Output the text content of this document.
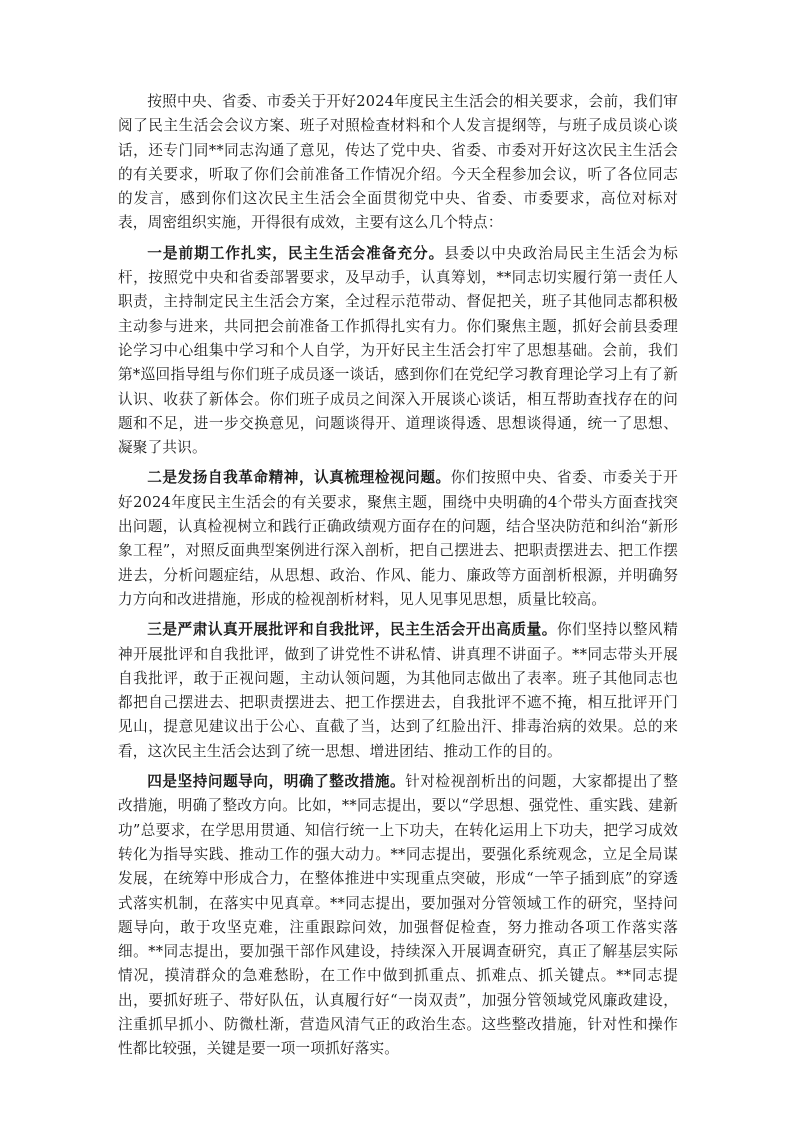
按照中央、省委、市委关于开好2024年度民主生活会的相关要求，会前，我们审阅了民主生活会会议方案、班子对照检查材料和个人发言提纲等，与班子成员谈心谈话，还专门同**同志沟通了意见，传达了党中央、省委、市委对开好这次民主生活会的有关要求，听取了你们会前准备工作情况介绍。今天全程参加会议，听了各位同志的发言，感到你们这次民主生活会全面贯彻党中央、省委、市委要求，高位对标对表，周密组织实施，开得很有成效，主要有这么几个特点：

一是前期工作扎实，民主生活会准备充分。县委以中央政治局民主生活会为标杆，按照党中央和省委部署要求，及早动手，认真筹划，**同志切实履行第一责任人职责，主持制定民主生活会方案，全过程示范带动、督促把关，班子其他同志都积极主动参与进来，共同把会前准备工作抓得扎实有力。你们聚焦主题，抓好会前县委理论学习中心组集中学习和个人自学，为开好民主生活会打牢了思想基础。会前，我们第*巡回指导组与你们班子成员逐一谈话，感到你们在党纪学习教育理论学习上有了新认识、收获了新体会。你们班子成员之间深入开展谈心谈话，相互帮助查找存在的问题和不足，进一步交换意见，问题谈得开、道理谈得透、思想谈得通，统一了思想、凝聚了共识。

二是发扬自我革命精神，认真梳理检视问题。你们按照中央、省委、市委关于开好2024年度民主生活会的有关要求，聚焦主题，围绕中央明确的4个带头方面查找突出问题，认真检视树立和践行正确政绩观方面存在的问题，结合坚决防范和纠治“新形象工程”，对照反面典型案例进行深入剖析，把自己摆进去、把职责摆进去、把工作摆进去，分析问题症结，从思想、政治、作风、能力、廉政等方面剖析根源，并明确努力方向和改进措施，形成的检视剖析材料，见人见事见思想，质量比较高。

三是严肃认真开展批评和自我批评，民主生活会开出高质量。你们坚持以整风精神开展批评和自我批评，做到了讲党性不讲私情、讲真理不讲面子。**同志带头开展自我批评，敢于正视问题，主动认领问题，为其他同志做出了表率。班子其他同志也都把自己摆进去、把职责摆进去、把工作摆进去，自我批评不遮不掩，相互批评开门见山，提意见建议出于公心、直截了当，达到了红脸出汗、排毒治病的效果。总的来看，这次民主生活会达到了统一思想、增进团结、推动工作的目的。

四是坚持问题导向，明确了整改措施。针对检视剖析出的问题，大家都提出了整改措施，明确了整改方向。比如，**同志提出，要以“学思想、强党性、重实践、建新功”总要求，在学思用贯通、知信行统一上下功夫，在转化运用上下功夫，把学习成效转化为指导实践、推动工作的强大动力。**同志提出，要强化系统观念，立足全局谋发展，在统筹中形成合力，在整体推进中实现重点突破，形成“一竿子插到底”的穿透式落实机制，在落实中见真章。**同志提出，要加强对分管领域工作的研究，坚持问题导向，敢于攻坚克难，注重跟踪问效，加强督促检查，努力推动各项工作落实落细。**同志提出，要加强干部作风建设，持续深入开展调查研究，真正了解基层实际情况，摸清群众的急难愁盼，在工作中做到抓重点、抓难点、抓关键点。**同志提出，要抓好班子、带好队伍，认真履行好“一岗双责”，加强分管领域党风廉政建设，注重抓早抓小、防微杜渐，营造风清气正的政治生态。这些整改措施，针对性和操作性都比较强，关键是要一项一项抓好落实。
